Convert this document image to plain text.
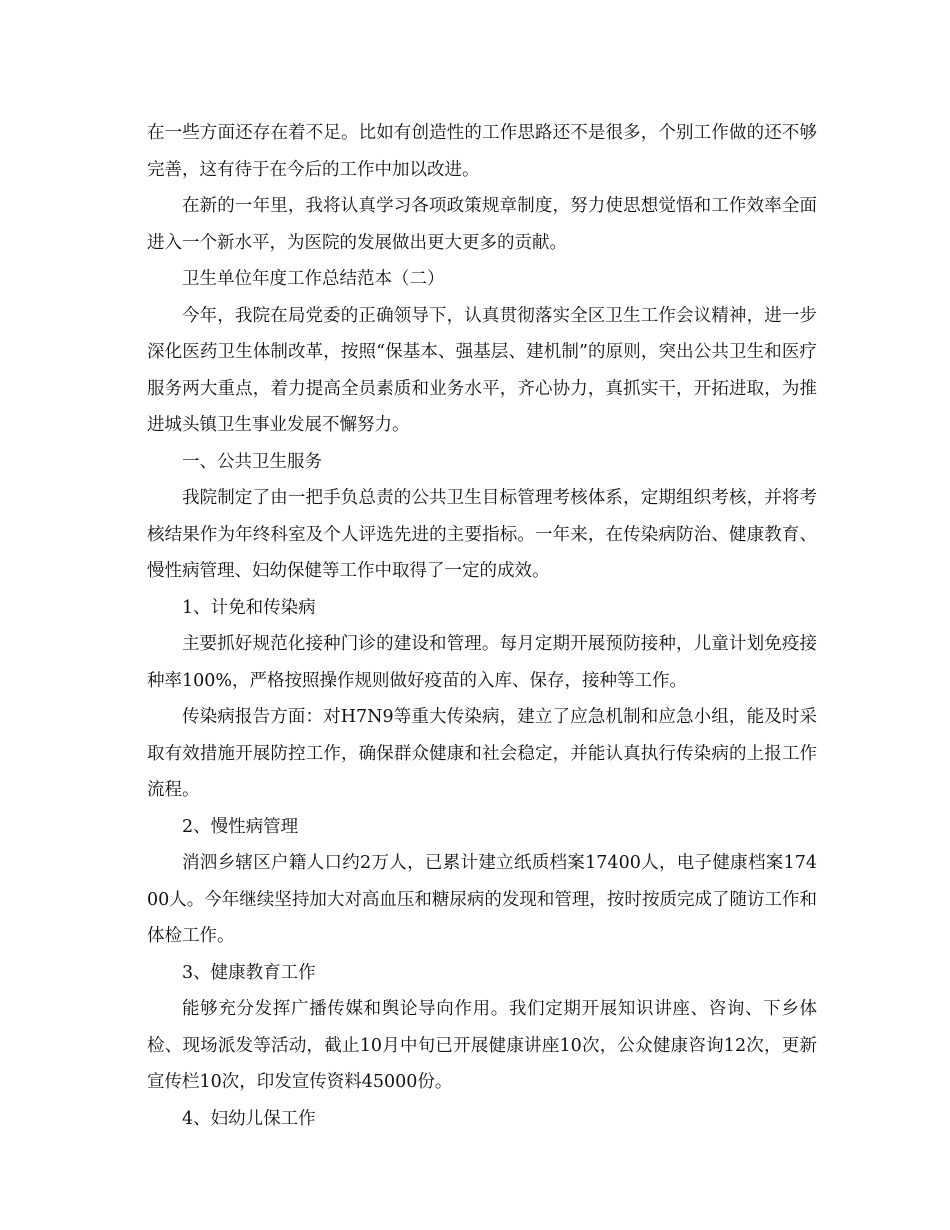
在一些方面还存在着不足。比如有创造性的工作思路还不是很多，个别工作做的还不够完善，这有待于在今后的工作中加以改进。

在新的一年里，我将认真学习各项政策规章制度，努力使思想觉悟和工作效率全面进入一个新水平，为医院的发展做出更大更多的贡献。

卫生单位年度工作总结范本（二）

今年，我院在局党委的正确领导下，认真贯彻落实全区卫生工作会议精神，进一步深化医药卫生体制改革，按照“保基本、强基层、建机制”的原则，突出公共卫生和医疗服务两大重点，着力提高全员素质和业务水平，齐心协力，真抓实干，开拓进取，为推进城头镇卫生事业发展不懈努力。

一、公共卫生服务

我院制定了由一把手负总责的公共卫生目标管理考核体系，定期组织考核，并将考核结果作为年终科室及个人评选先进的主要指标。一年来，在传染病防治、健康教育、慢性病管理、妇幼保健等工作中取得了一定的成效。

1、计免和传染病

主要抓好规范化接种门诊的建设和管理。每月定期开展预防接种，儿童计划免疫接种率100%，严格按照操作规则做好疫苗的入库、保存，接种等工作。

传染病报告方面：对H7N9等重大传染病，建立了应急机制和应急小组，能及时采取有效措施开展防控工作，确保群众健康和社会稳定，并能认真执行传染病的上报工作流程。

2、慢性病管理

消泗乡辖区户籍人口约2万人，已累计建立纸质档案17400人，电子健康档案17400人。今年继续坚持加大对高血压和糖尿病的发现和管理，按时按质完成了随访工作和体检工作。

3、健康教育工作

能够充分发挥广播传媒和舆论导向作用。我们定期开展知识讲座、咨询、下乡体检、现场派发等活动，截止10月中旬已开展健康讲座10次，公众健康咨询12次，更新宣传栏10次，印发宣传资料45000份。

4、妇幼儿保工作
